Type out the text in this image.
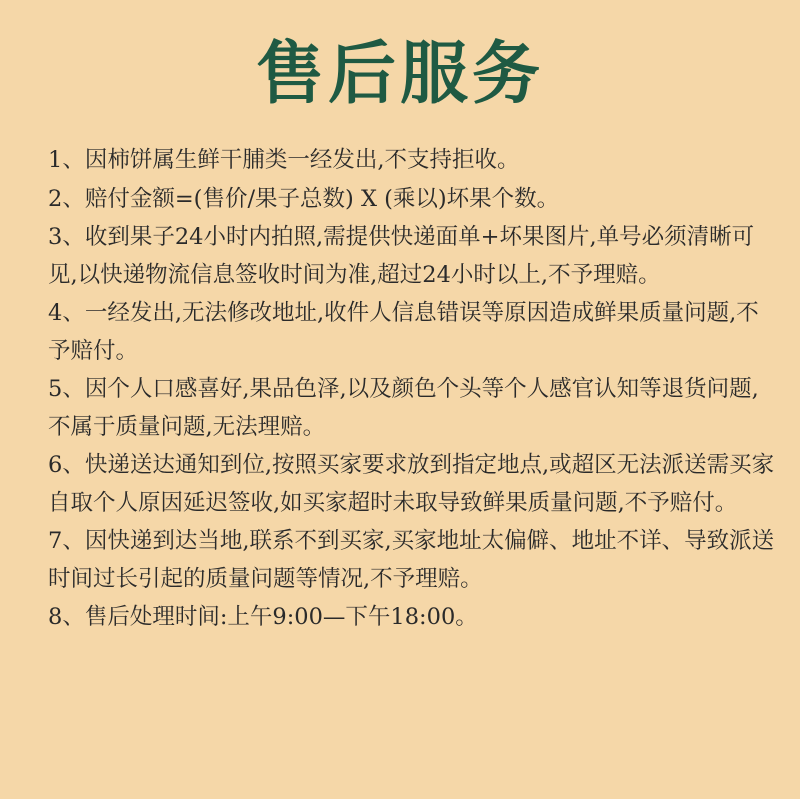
售后服务
1、因柿饼属生鲜干脯类一经发出,不支持拒收。
2、赔付金额=(售价/果子总数) X (乘以)坏果个数。
3、收到果子24小时内拍照,需提供快递面单+坏果图片,单号必须清晰可见,以快递物流信息签收时间为准,超过24小时以上,不予理赔。
4、一经发出,无法修改地址,收件人信息错误等原因造成鲜果质量问题,不予赔付。
5、因个人口感喜好,果品色泽,以及颜色个头等个人感官认知等退货问题,不属于质量问题,无法理赔。
6、快递送达通知到位,按照买家要求放到指定地点,或超区无法派送需买家自取个人原因延迟签收,如买家超时未取导致鲜果质量问题,不予赔付。
7、因快递到达当地,联系不到买家,买家地址太偏僻、地址不详、导致派送时间过长引起的质量问题等情况,不予理赔。
8、售后处理时间:上午9:00—下午18:00。
